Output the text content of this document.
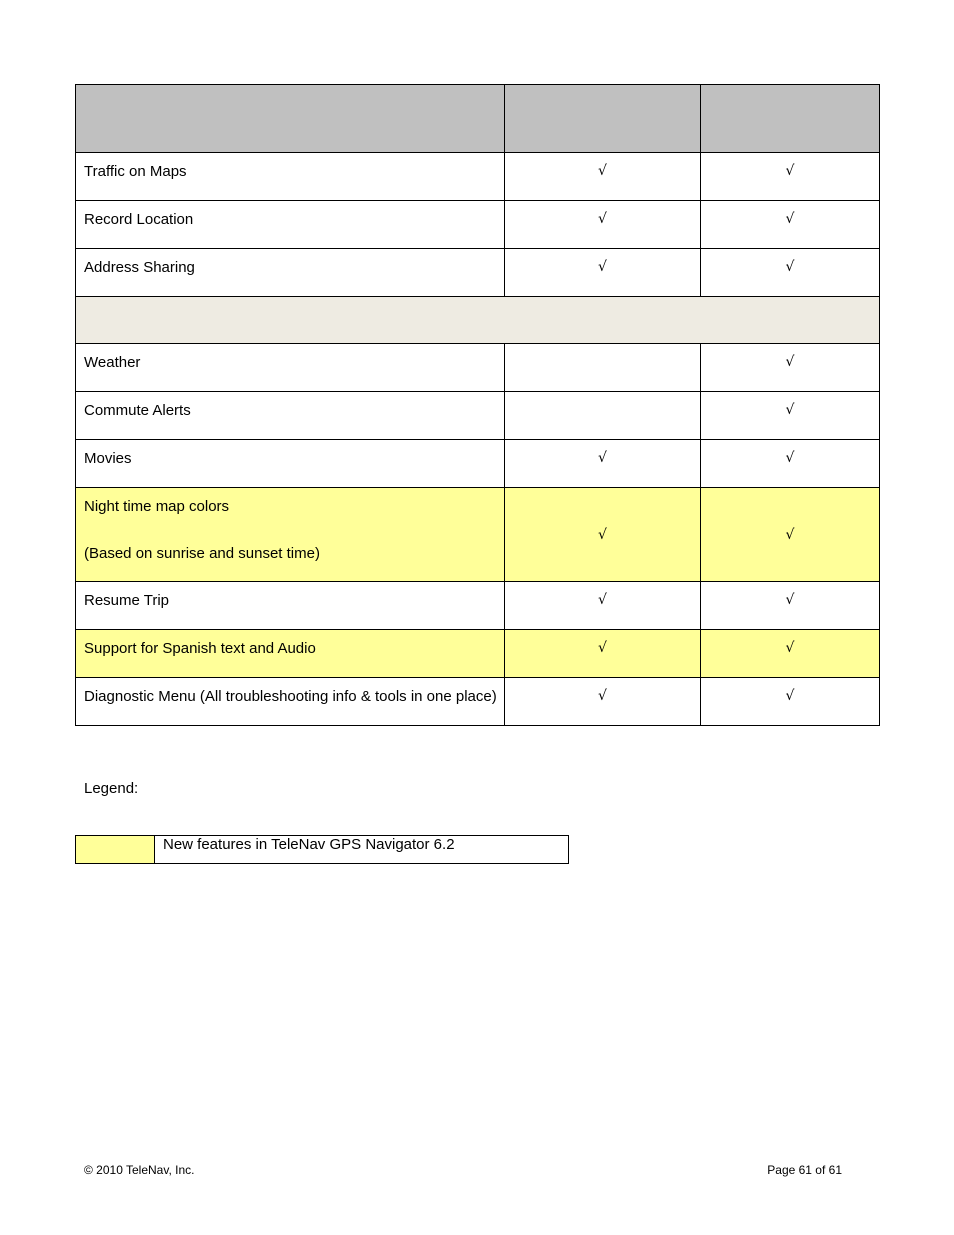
Traffic on Maps	√	√

Record Location	√	√

Address Sharing	√	√

Weather		√

Commute Alerts		√

Movies	√	√

Night time map colors
(Based on sunrise and sunset time)	√	√

Resume Trip	√	√

Support for Spanish text and Audio	√	√

Diagnostic Menu (All troubleshooting info & tools in one place)	√	√
Legend:

New features in TeleNav GPS Navigator 6.2
© 2010 TeleNav, Inc.	Page 61 of 61
